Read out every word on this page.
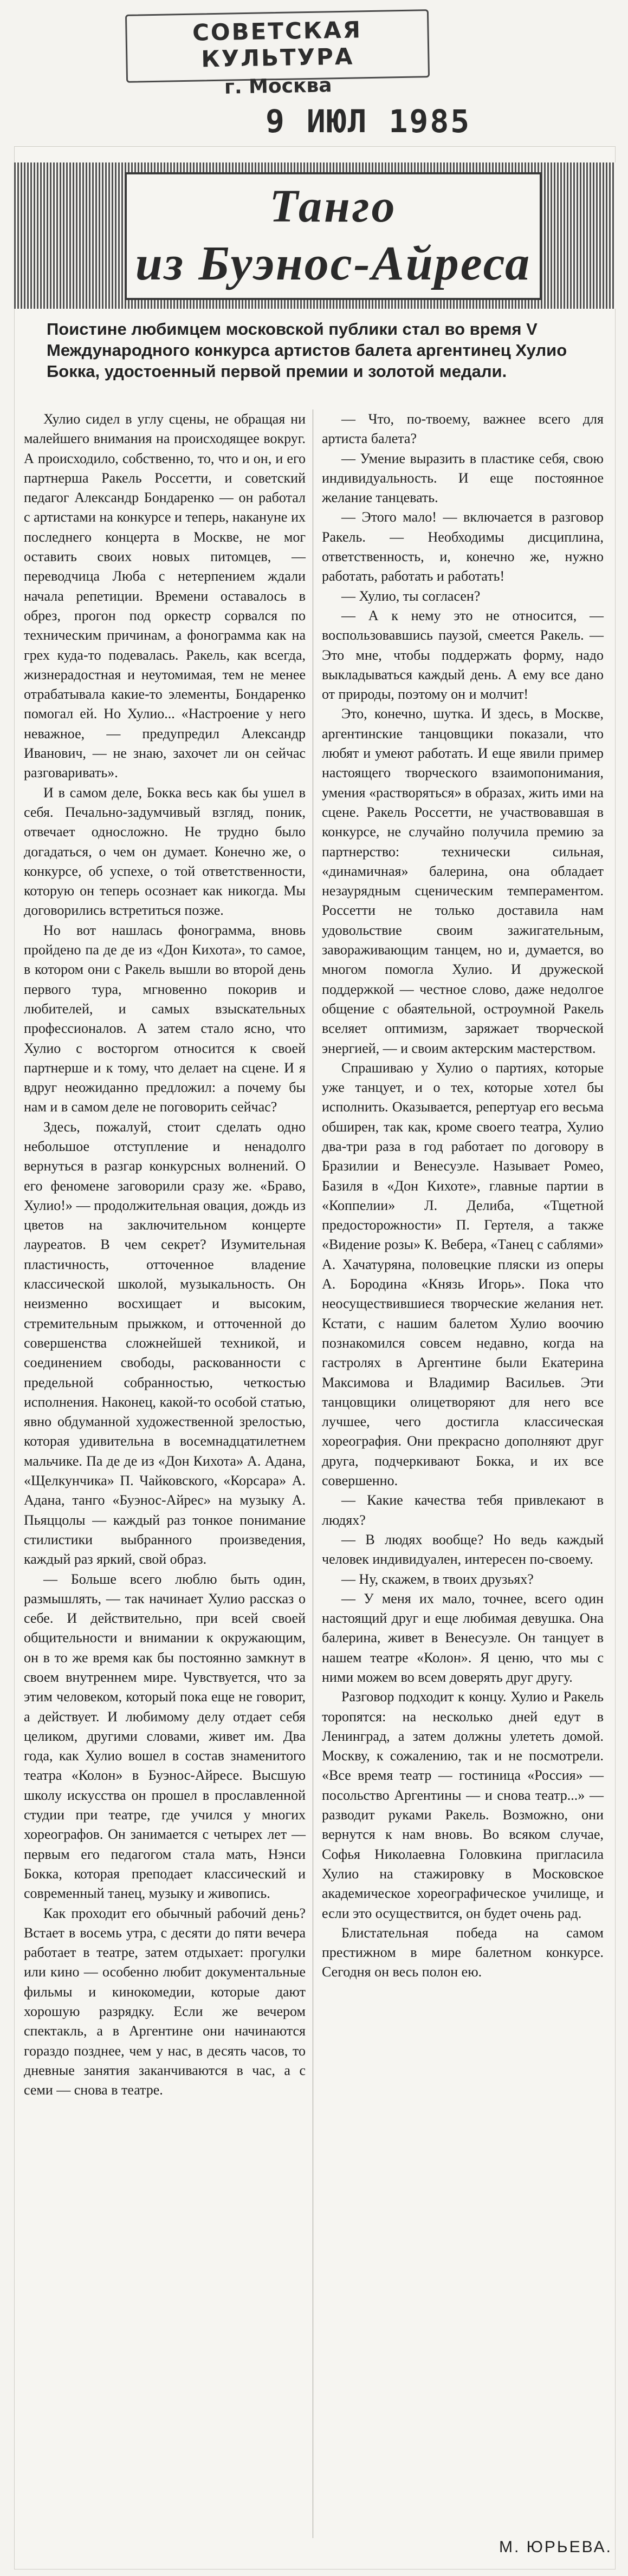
СОВЕТСКАЯ КУЛЬТУРА
г. Москва
9 ИЮЛ 1985
Танго
из Буэнос-Айреса
Поистине любимцем московской публики стал во время V Международного конкурса артистов балета аргентинец Хулио Бокка, удостоенный первой премии и золотой медали.

Хулио сидел в углу сцены, не обращая ни малейшего внимания на происходящее вокруг. А происходило, собственно, то, что и он, и его партнерша Ракель Россетти, и советский педагог Александр Бондаренко — он работал с артистами на конкурсе и теперь, накануне их последнего концерта в Москве, не мог оставить своих новых питомцев, — переводчица Люба с нетерпением ждали начала репетиции. Времени оставалось в обрез, прогон под оркестр сорвался по техническим причинам, а фонограмма как на грех куда-то подевалась. Ракель, как всегда, жизнерадостная и неутомимая, тем не менее отрабатывала какие-то элементы, Бондаренко помогал ей. Но Хулио... «Настроение у него неважное, — предупредил Александр Иванович, — не знаю, захочет ли он сейчас разговаривать».

И в самом деле, Бокка весь как бы ушел в себя. Печально-задумчивый взгляд, поник, отвечает односложно. Не трудно было догадаться, о чем он думает. Конечно же, о конкурсе, об успехе, о той ответственности, которую он теперь осознает как никогда. Мы договорились встретиться позже.

Но вот нашлась фонограмма, вновь пройдено па де де из «Дон Кихота», то самое, в котором они с Ракель вышли во второй день первого тура, мгновенно покорив и любителей, и самых взыскательных профессионалов. А затем стало ясно, что Хулио с восторгом относится к своей партнерше и к тому, что делает на сцене. И я вдруг неожиданно предложил: а почему бы нам и в самом деле не поговорить сейчас?

Здесь, пожалуй, стоит сделать одно небольшое отступление и ненадолго вернуться в разгар конкурсных волнений. О его феномене заговорили сразу же. «Браво, Хулио!» — продолжительная овация, дождь из цветов на заключительном концерте лауреатов. В чем секрет? Изумительная пластичность, отточенное владение классической школой, музыкальность. Он неизменно восхищает и высоким, стремительным прыжком, и отточенной до совершенства сложнейшей техникой, и соединением свободы, раскованности с предельной собранностью, четкостью исполнения. Наконец, какой-то особой статью, явно обдуманной художественной зрелостью, которая удивительна в восемнадцатилетнем мальчике. Па де де из «Дон Кихота» А. Адана, «Щелкунчика» П. Чайковского, «Корсара» А. Адана, танго «Буэнос-Айрес» на музыку А. Пьяццолы — каждый раз тонкое понимание стилистики выбранного произведения, каждый раз яркий, свой образ.

— Больше всего люблю быть один, размышлять, — так начинает Хулио рассказ о себе. И действительно, при всей своей общительности и внимании к окружающим, он в то же время как бы постоянно замкнут в своем внутреннем мире. Чувствуется, что за этим человеком, который пока еще не говорит, а действует. И любимому делу отдает себя целиком, другими словами, живет им. Два года, как Хулио вошел в состав знаменитого театра «Колон» в Буэнос-Айресе. Высшую школу искусства он прошел в прославленной студии при театре, где учился у многих хореографов. Он занимается с четырех лет — первым его педагогом стала мать, Нэнси Бокка, которая преподает классический и современный танец, музыку и живопись.

Как проходит его обычный рабочий день? Встает в восемь утра, с десяти до пяти вечера работает в театре, затем отдыхает: прогулки или кино — особенно любит документальные фильмы и кинокомедии, которые дают хорошую разрядку. Если же вечером спектакль, а в Аргентине они начинаются гораздо позднее, чем у нас, в десять часов, то дневные занятия заканчиваются в час, а с семи — снова в театре.

— Что, по-твоему, важнее всего для артиста балета?

— Умение выразить в пластике себя, свою индивидуальность. И еще постоянное желание танцевать.

— Этого мало! — включается в разговор Ракель. — Необходимы дисциплина, ответственность, и, конечно же, нужно работать, работать и работать!

— Хулио, ты согласен?

— А к нему это не относится, — воспользовавшись паузой, смеется Ракель. — Это мне, чтобы поддержать форму, надо выкладываться каждый день. А ему все дано от природы, поэтому он и молчит!

Это, конечно, шутка. И здесь, в Москве, аргентинские танцовщики показали, что любят и умеют работать. И еще явили пример настоящего творческого взаимопонимания, умения «растворяться» в образах, жить ими на сцене. Ракель Россетти, не участвовавшая в конкурсе, не случайно получила премию за партнерство: технически сильная, «динамичная» балерина, она обладает незаурядным сценическим темпераментом. Россетти не только доставила нам удовольствие своим зажигательным, завораживающим танцем, но и, думается, во многом помогла Хулио. И дружеской поддержкой — честное слово, даже недолгое общение с обаятельной, остроумной Ракель вселяет оптимизм, заряжает творческой энергией, — и своим актерским мастерством.

Спрашиваю у Хулио о партиях, которые уже танцует, и о тех, которые хотел бы исполнить. Оказывается, репертуар его весьма обширен, так как, кроме своего театра, Хулио два-три раза в год работает по договору в Бразилии и Венесуэле. Называет Ромео, Базиля в «Дон Кихоте», главные партии в «Коппелии» Л. Делиба, «Тщетной предосторожности» П. Гертеля, а также «Видение розы» К. Вебера, «Танец с саблями» А. Хачатуряна, половецкие пляски из оперы А. Бородина «Князь Игорь». Пока что неосуществившиеся творческие желания нет. Кстати, с нашим балетом Хулио воочию познакомился совсем недавно, когда на гастролях в Аргентине были Екатерина Максимова и Владимир Васильев. Эти танцовщики олицетворяют для него все лучшее, чего достигла классическая хореография. Они прекрасно дополняют друг друга, подчеркивают Бокка, и их все совершенно.

— Какие качества тебя привлекают в людях?

— В людях вообще? Но ведь каждый человек индивидуален, интересен по-своему.

— Ну, скажем, в твоих друзьях?

— У меня их мало, точнее, всего один настоящий друг и еще любимая девушка. Она балерина, живет в Венесуэле. Он танцует в нашем театре «Колон». Я ценю, что мы с ними можем во всем доверять друг другу.

Разговор подходит к концу. Хулио и Ракель торопятся: на несколько дней едут в Ленинград, а затем должны улететь домой. Москву, к сожалению, так и не посмотрели. «Все время театр — гостиница «Россия» — посольство Аргентины — и снова театр...» — разводит руками Ракель. Возможно, они вернутся к нам вновь. Во всяком случае, Софья Николаевна Головкина пригласила Хулио на стажировку в Московское академическое хореографическое училище, и если это осуществится, он будет очень рад.

Блистательная победа на самом престижном в мире балетном конкурсе. Сегодня он весь полон ею.

М. ЮРЬЕВА.
